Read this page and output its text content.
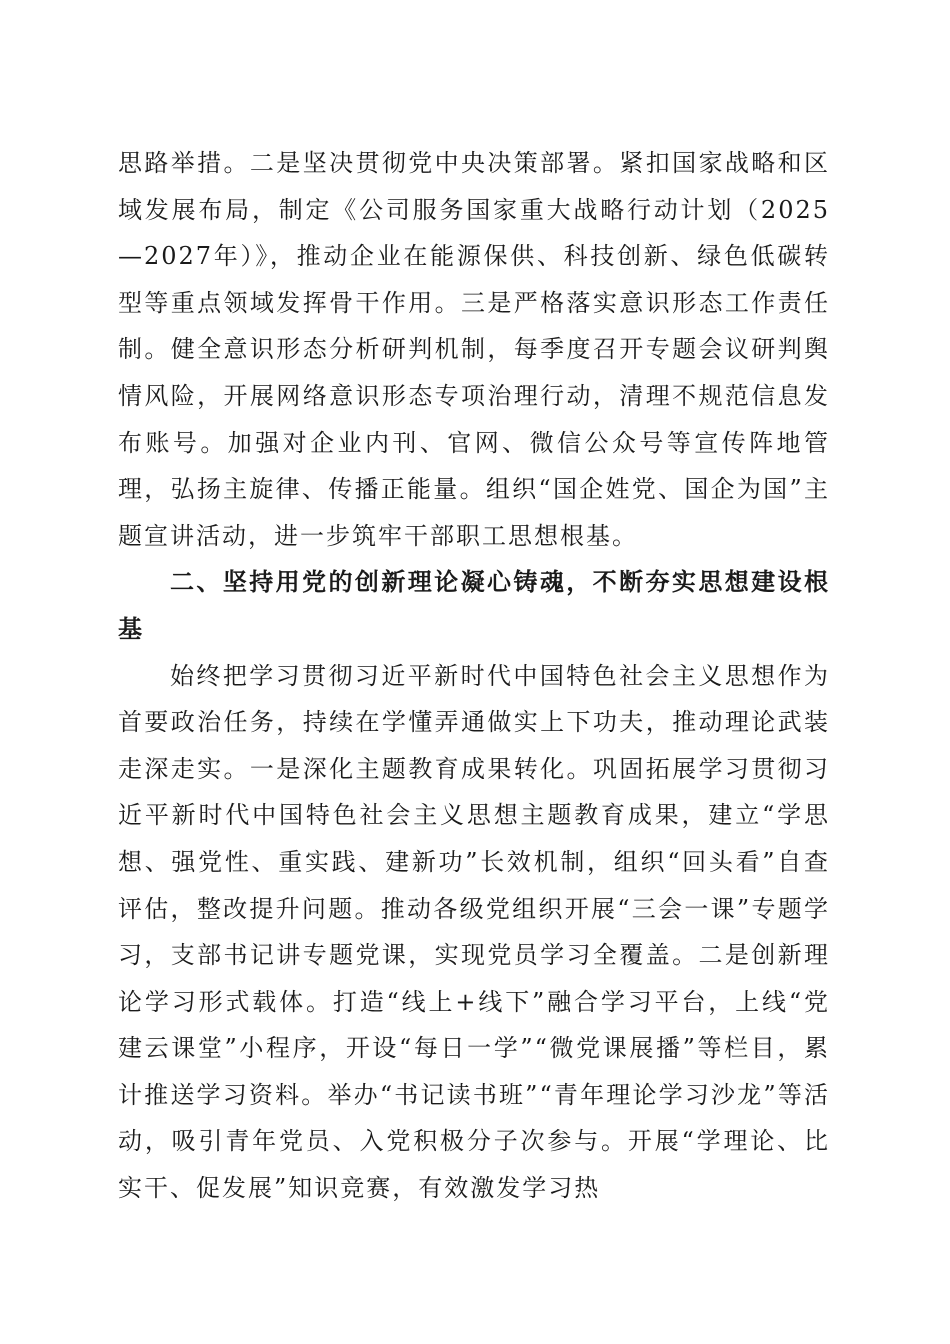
思路举措。二是坚决贯彻党中央决策部署。紧扣国家战略和区域发展布局，制定《公司服务国家重大战略行动计划（2025—2027年）》，推动企业在能源保供、科技创新、绿色低碳转型等重点领域发挥骨干作用。三是严格落实意识形态工作责任制。健全意识形态分析研判机制，每季度召开专题会议研判舆情风险，开展网络意识形态专项治理行动，清理不规范信息发布账号。加强对企业内刊、官网、微信公众号等宣传阵地管理，弘扬主旋律、传播正能量。组织“国企姓党、国企为国”主题宣讲活动，进一步筑牢干部职工思想根基。

二、坚持用党的创新理论凝心铸魂，不断夯实思想建设根基

始终把学习贯彻习近平新时代中国特色社会主义思想作为首要政治任务，持续在学懂弄通做实上下功夫，推动理论武装走深走实。一是深化主题教育成果转化。巩固拓展学习贯彻习近平新时代中国特色社会主义思想主题教育成果，建立“学思想、强党性、重实践、建新功”长效机制，组织“回头看”自查评估，整改提升问题。推动各级党组织开展“三会一课”专题学习，支部书记讲专题党课，实现党员学习全覆盖。二是创新理论学习形式载体。打造“线上+线下”融合学习平台，上线“党建云课堂”小程序，开设“每日一学”“微党课展播”等栏目，累计推送学习资料。举办“书记读书班”“青年理论学习沙龙”等活动，吸引青年党员、入党积极分子次参与。开展“学理论、比实干、促发展”知识竞赛，有效激发学习热
